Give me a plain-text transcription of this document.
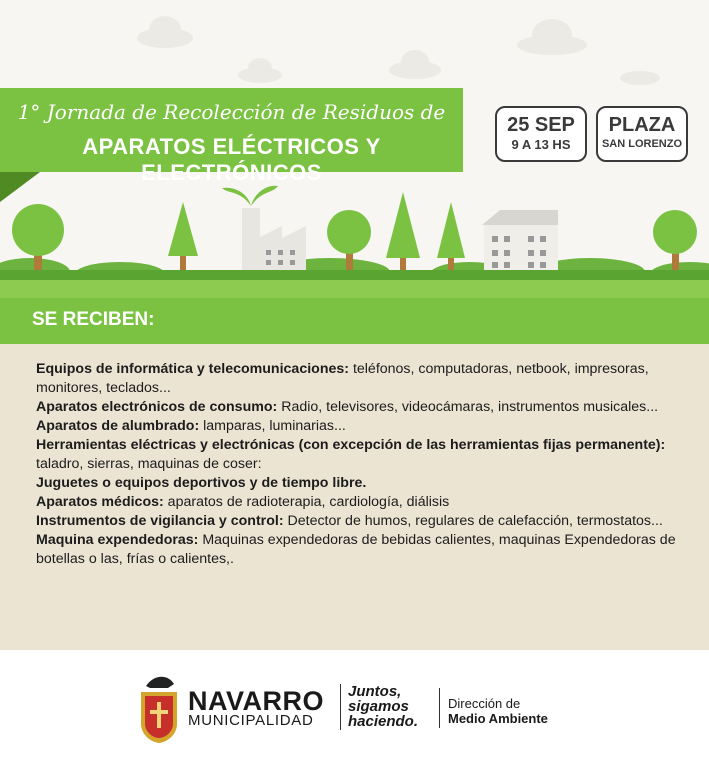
1° Jornada de Recolección de Residuos de
APARATOS ELÉCTRICOS Y ELECTRÓNICOS
25 SEP
9 A 13 HS
PLAZA
SAN LORENZO
SE RECIBEN:

Equipos de informática y telecomunicaciones: teléfonos, computadoras, netbook, impresoras, monitores, teclados...

Aparatos electrónicos de consumo: Radio, televisores, videocámaras, instrumentos musicales...

Aparatos de alumbrado: lamparas, luminarias...

Herramientas eléctricas y electrónicas (con excepción de las herramientas fijas permanente): taladro, sierras, maquinas de coser:

Juguetes o equipos deportivos y de tiempo libre.

Aparatos médicos: aparatos de radioterapia, cardiología, diálisis

Instrumentos de vigilancia y control: Detector de humos, regulares de calefacción, termostatos...

Maquina expendedoras: Maquinas expendedoras de bebidas calientes, maquinas Expendedoras de botellas o las, frías o calientes,.

NAVARRO
MUNICIPALIDAD
Juntos,
sigamos
haciendo.
Dirección de
Medio Ambiente
